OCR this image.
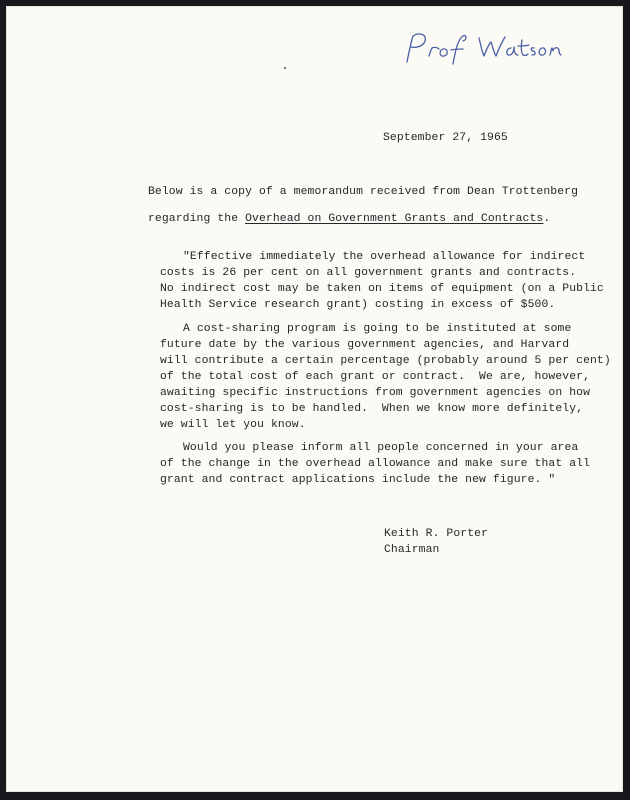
September 27, 1965
Below is a copy of a memorandum received from Dean Trottenberg
regarding the Overhead on Government Grants and Contracts.
"Effective immediately the overhead allowance for indirect
costs is 26 per cent on all government grants and contracts.
No indirect cost may be taken on items of equipment (on a Public
Health Service research grant) costing in excess of $500.
A cost-sharing program is going to be instituted at some
future date by the various government agencies, and Harvard
will contribute a certain percentage (probably around 5 per cent)
of the total cost of each grant or contract.  We are, however,
awaiting specific instructions from government agencies on how
cost-sharing is to be handled.  When we know more definitely,
we will let you know.
Would you please inform all people concerned in your area
of the change in the overhead allowance and make sure that all
grant and contract applications include the new figure. "
Keith R. Porter
Chairman
